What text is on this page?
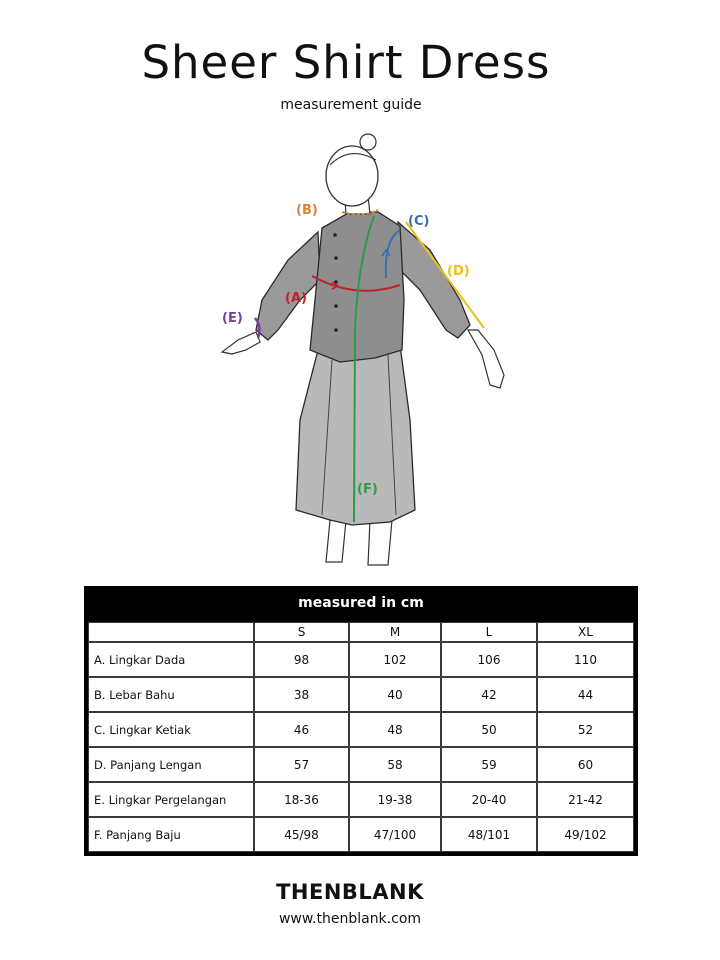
Sheer Shirt Dress

measurement guide

(A)
(B)
(C)
(D)
(E)
(F)
measured in cm
	S	M	L	XL
A. Lingkar Dada	98	102	106	110
B. Lebar Bahu	38	40	42	44
C. Lingkar Ketiak	46	48	50	52
D. Panjang Lengan	57	58	59	60
E. Lingkar Pergelangan	18-36	19-38	20-40	21-42
F. Panjang Baju	45/98	47/100	48/101	49/102
THENBLANK
www.thenblank.com
